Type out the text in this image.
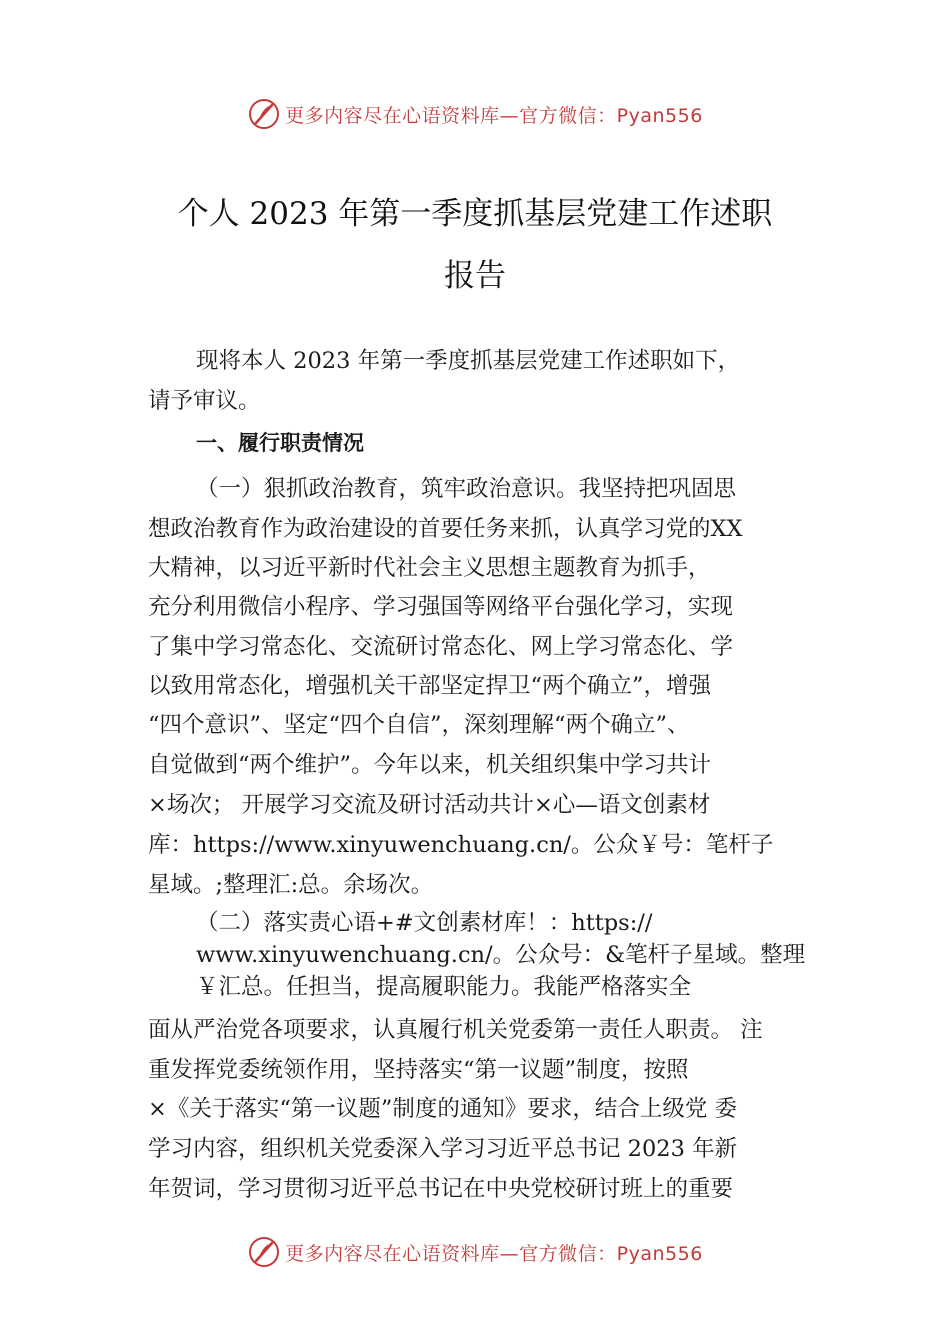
更多内容尽在心语资料库—官方微信：Pyan556
个人 2023 年第一季度抓基层党建工作述职
报告
现将本人 2023 年第一季度抓基层党建工作述职如下，
请予审议。
一、履行职责情况
（一）狠抓政治教育，筑牢政治意识。我坚持把巩固思
想政治教育作为政治建设的首要任务来抓，认真学习党的XX
大精神，以习近平新时代社会主义思想主题教育为抓手，
充分利用微信小程序、学习强国等网络平台强化学习，实现
了集中学习常态化、交流研讨常态化、网上学习常态化、学
以致用常态化，增强机关干部坚定捍卫“两个确立”，增强
“四个意识”、坚定“四个自信”，深刻理解“两个确立”、
自觉做到“两个维护”。今年以来，机关组织集中学习共计
×场次； 开展学习交流及研讨活动共计×心—语文创素材
库：https://www.xinyuwenchuang.cn/。公众￥号：笔杆子
星域。;整理汇:总。余场次。
（二）落实责心语+#文创素材库！：https://
www.xinyuwenchuang.cn/。公众号：&笔杆子星域。整理
￥汇总。任担当，提高履职能力。我能严格落实全
面从严治党各项要求，认真履行机关党委第一责任人职责。 注
重发挥党委统领作用，坚持落实“第一议题”制度，按照
×《关于落实“第一议题”制度的通知》要求，结合上级党 委
学习内容，组织机关党委深入学习习近平总书记 2023 年新
年贺词，学习贯彻习近平总书记在中央党校研讨班上的重要
更多内容尽在心语资料库—官方微信：Pyan556
